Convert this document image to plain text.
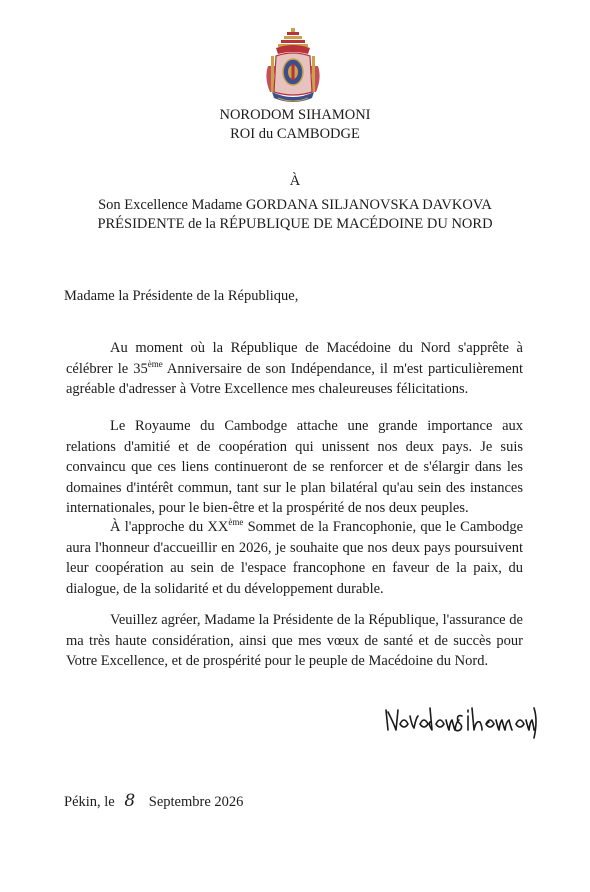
NORODOM SIHAMONI
ROI du CAMBODGE
À
Son Excellence Madame GORDANA SILJANOVSKA DAVKOVA
PRÉSIDENTE de la RÉPUBLIQUE DE MACÉDOINE DU NORD
Madame la Présidente de la République,

Au moment où la République de Macédoine du Nord s'apprête à célébrer le 35ème Anniversaire de son Indépendance, il m'est particulièrement agréable d'adresser à Votre Excellence mes chaleureuses félicitations.

Le Royaume du Cambodge attache une grande importance aux relations d'amitié et de coopération qui unissent nos deux pays. Je suis convaincu que ces liens continueront de se renforcer et de s'élargir dans les domaines d'intérêt commun, tant sur le plan bilatéral qu'au sein des instances internationales, pour le bien-être et la prospérité de nos deux peuples.

À l'approche du XXème Sommet de la Francophonie, que le Cambodge aura l'honneur d'accueillir en 2026, je souhaite que nos deux pays poursuivent leur coopération au sein de l'espace francophone en faveur de la paix, du dialogue, de la solidarité et du développement durable.

Veuillez agréer, Madame la Présidente de la République, l'assurance de ma très haute considération, ainsi que mes vœux de santé et de succès pour Votre Excellence, et de prospérité pour le peuple de Macédoine du Nord.

Pékin, le 8 Septembre 2026
